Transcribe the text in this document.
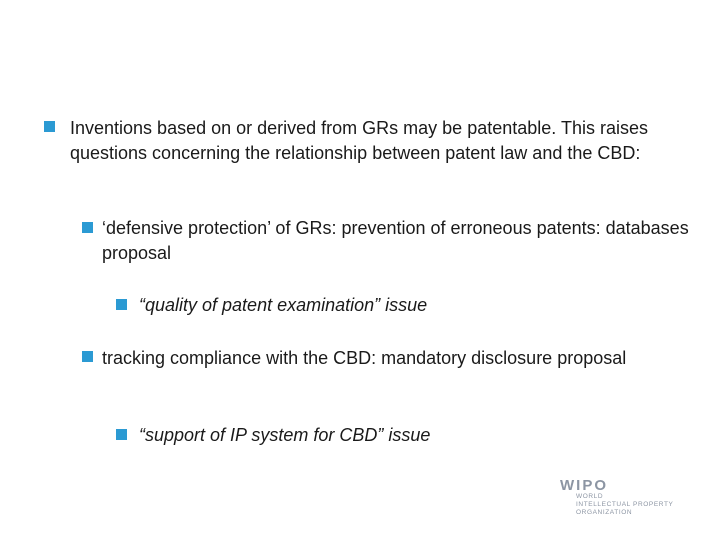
Inventions based on or derived from GRs may be patentable. This raises questions concerning the relationship between patent law and the CBD:
‘defensive protection’ of GRs: prevention of erroneous patents: databases proposal
“quality of patent examination” issue
tracking compliance with the CBD: mandatory disclosure proposal
“support of IP system for CBD” issue
WIPO
WORLD
INTELLECTUAL PROPERTY
ORGANIZATION
